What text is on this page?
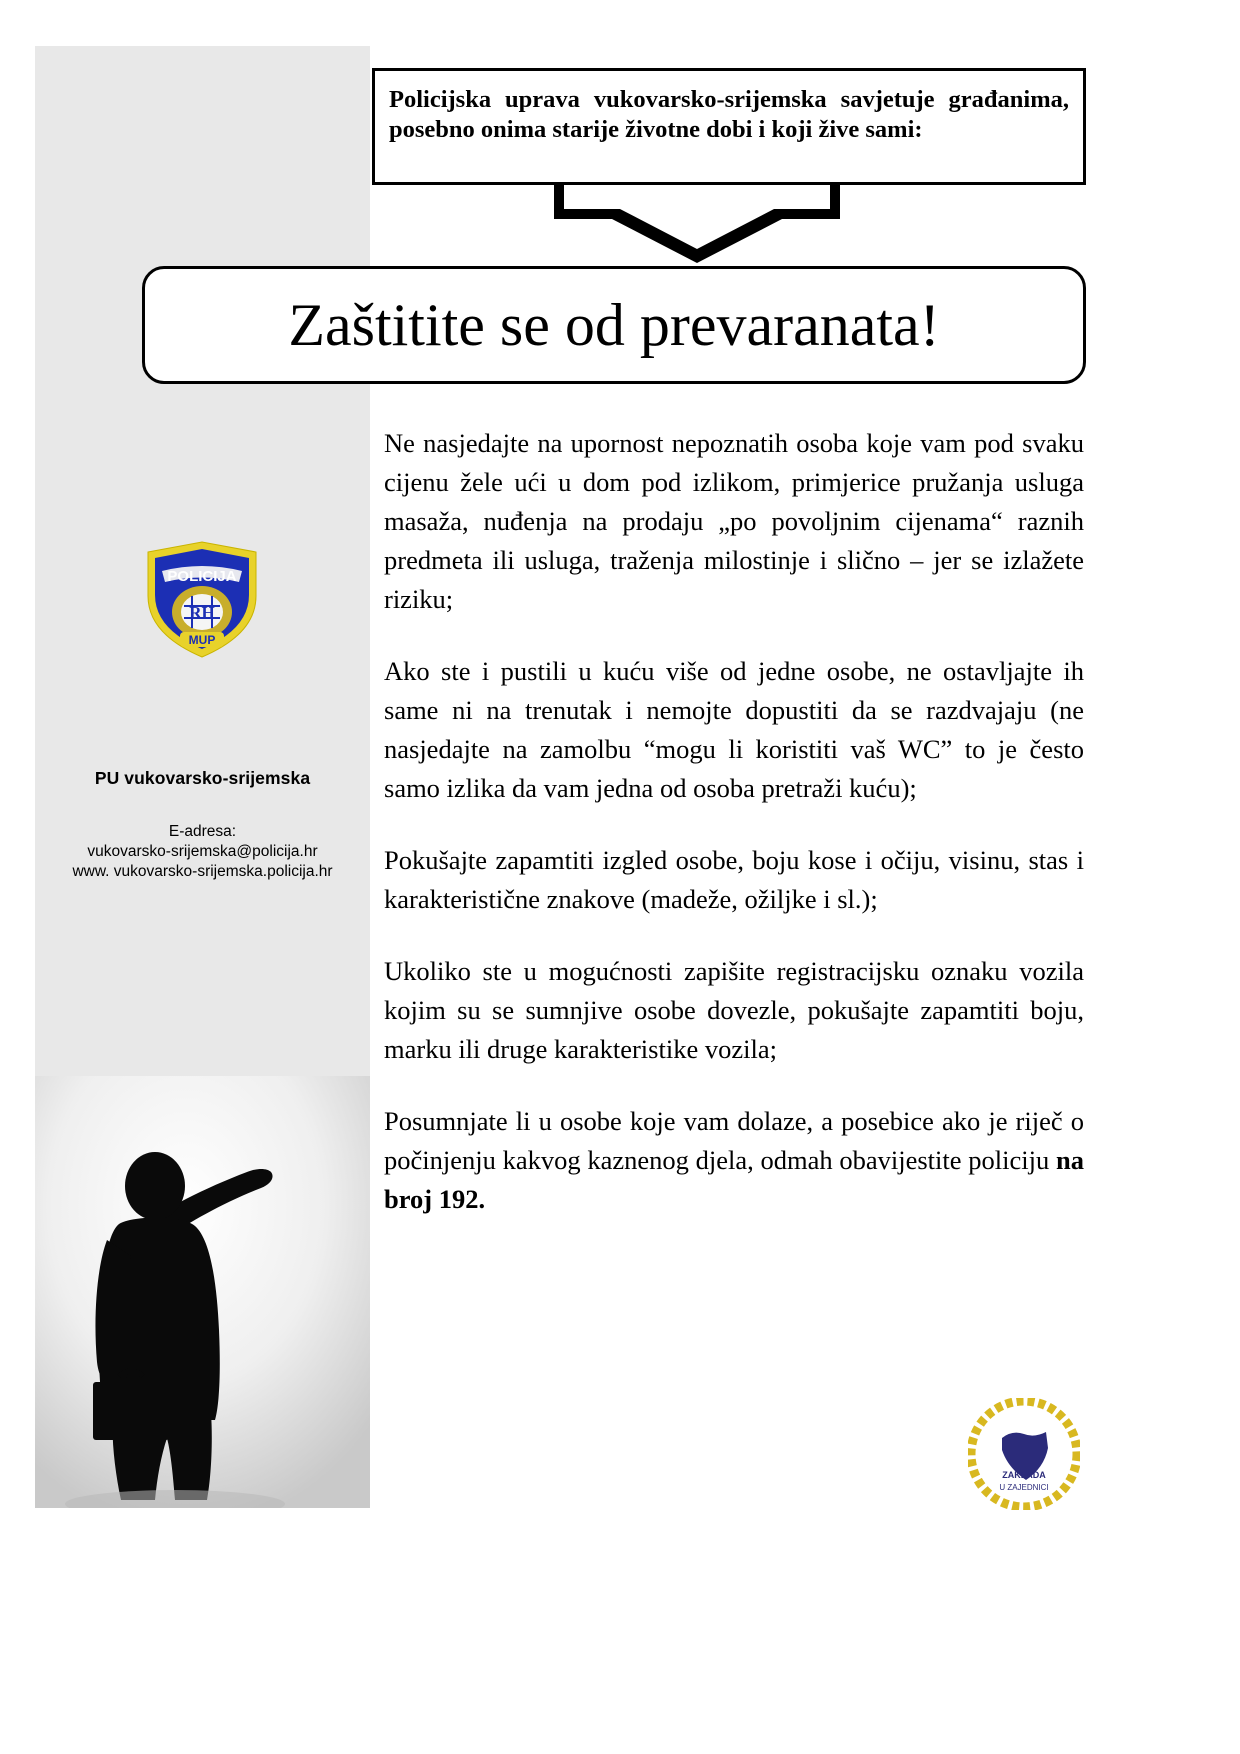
POLICIJA
RH
MUP
PU vukovarsko-srijemska
E-adresa:
vukovarsko-srijemska@policija.hr
www. vukovarsko-srijemska.policija.hr
Policijska uprava vukovarsko-srijemska savjetuje građanima, posebno onima starije životne dobi i koji žive sami:
Zaštitite se od prevaranata!

Ne nasjedajte na upornost nepoznatih osoba koje vam pod svaku cijenu žele ući u dom pod izlikom, primjerice pružanja usluga masaža, nuđenja na prodaju „po povoljnim cijenama“ raznih predmeta ili usluga, traženja milostinje i slično – jer se izlažete riziku;

Ako ste i pustili u kuću više od jedne osobe, ne ostavljajte ih same ni na trenutak i nemojte dopustiti da se razdvajaju (ne nasjedajte na zamolbu “mogu li koristiti vaš WC” to je često samo izlika da vam jedna od osoba pretraži kuću);

Pokušajte zapamtiti izgled osobe, boju kose i očiju, visinu, stas i karakteristične znakove (madeže, ožiljke i sl.);

Ukoliko ste u mogućnosti zapišite registracijsku oznaku vozila kojim su se sumnjive osobe dovezle, pokušajte zapamtiti boju, marku ili druge karakteristike vozila;

Posumnjate li u osobe koje vam dolaze, a posebice ako je riječ o počinjenju kakvog kaznenog djela, odmah obavijestite policiju na broj 192.

ZAKLADA
U ZAJEDNICI
